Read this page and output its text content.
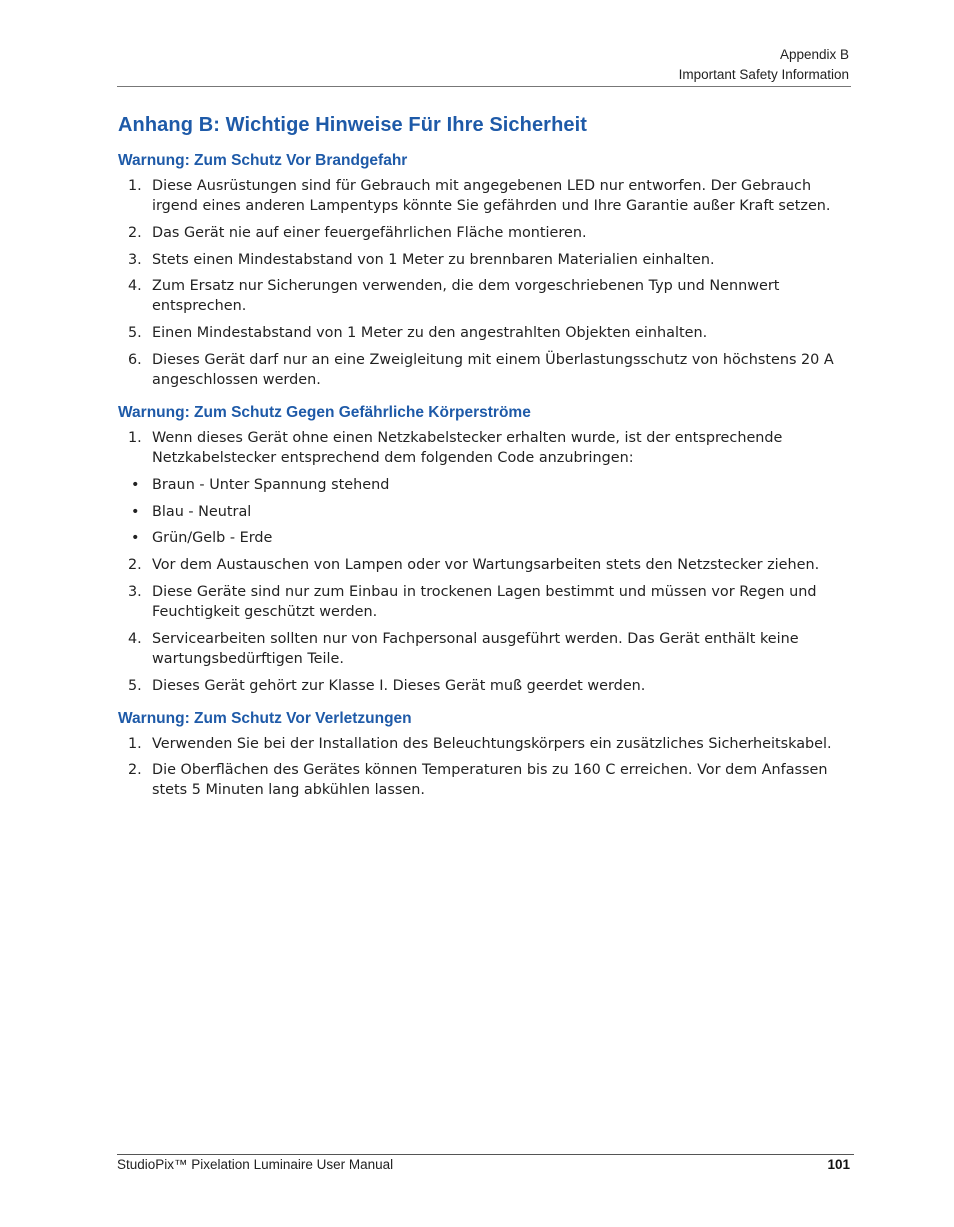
Appendix B
Important Safety Information
Anhang B: Wichtige Hinweise Für Ihre Sicherheit
Warnung: Zum Schutz Vor Brandgefahr
1. Diese Ausrüstungen sind für Gebrauch mit angegebenen LED nur entworfen. Der Gebrauch irgend eines anderen Lampentyps könnte Sie gefährden und Ihre Garantie außer Kraft setzen.
2. Das Gerät nie auf einer feuergefährlichen Fläche montieren.
3. Stets einen Mindestabstand von 1 Meter zu brennbaren Materialien einhalten.
4. Zum Ersatz nur Sicherungen verwenden, die dem vorgeschriebenen Typ und Nennwert entsprechen.
5. Einen Mindestabstand von 1 Meter zu den angestrahlten Objekten einhalten.
6. Dieses Gerät darf nur an eine Zweigleitung mit einem Überlastungsschutz von höchstens 20 A angeschlossen werden.
Warnung: Zum Schutz Gegen Gefährliche Körperströme
1. Wenn dieses Gerät ohne einen Netzkabelstecker erhalten wurde, ist der entsprechende Netzkabelstecker entsprechend dem folgenden Code anzubringen:
• Braun - Unter Spannung stehend
• Blau - Neutral
• Grün/Gelb - Erde
2. Vor dem Austauschen von Lampen oder vor Wartungsarbeiten stets den Netzstecker ziehen.
3. Diese Geräte sind nur zum Einbau in trockenen Lagen bestimmt und müssen vor Regen und Feuchtigkeit geschützt werden.
4. Servicearbeiten sollten nur von Fachpersonal ausgeführt werden. Das Gerät enthält keine wartungsbedürftigen Teile.
5. Dieses Gerät gehört zur Klasse I. Dieses Gerät muß geerdet werden.
Warnung: Zum Schutz Vor Verletzungen
1. Verwenden Sie bei der Installation des Beleuchtungskörpers ein zusätzliches Sicherheitskabel.
2. Die Oberflächen des Gerätes können Temperaturen bis zu 160 C erreichen. Vor dem Anfassen stets 5 Minuten lang abkühlen lassen.
StudioPix™ Pixelation Luminaire User Manual	101
